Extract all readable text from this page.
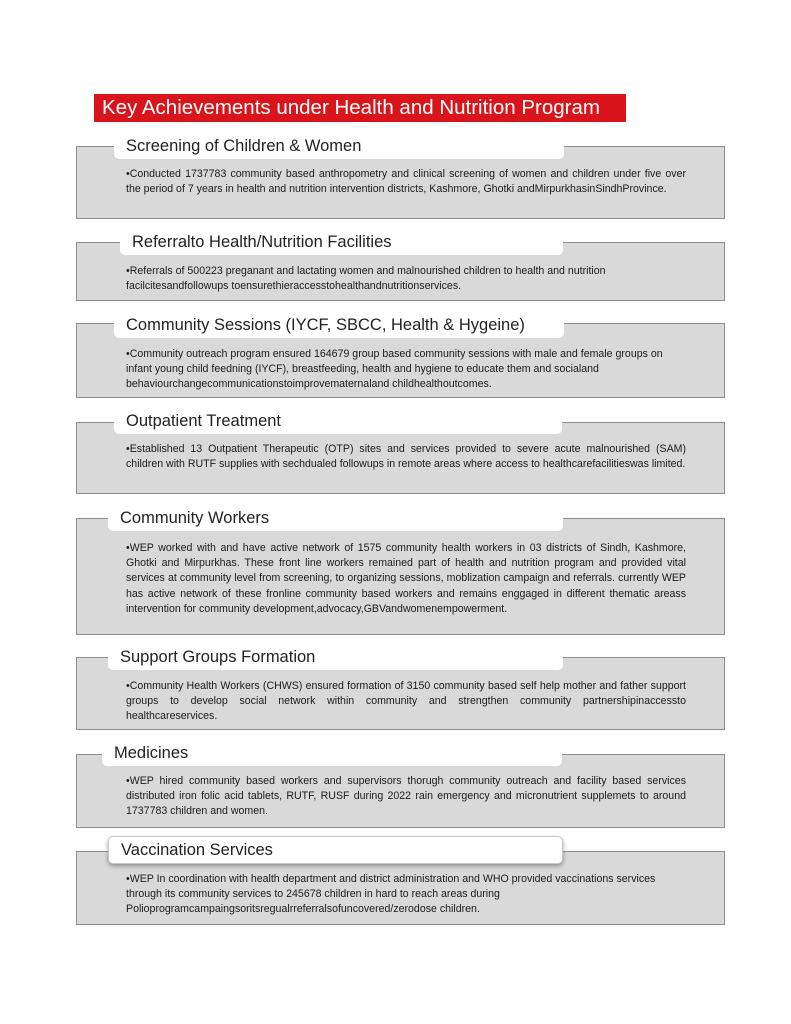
Key Achievements under Health and Nutrition Program
Screening of Children & Women
•Conducted 1737783 community based anthropometry and clinical screening of women and children under five over the period of 7 years in health and nutrition intervention districts, Kashmore, Ghotki andMirpurkhasinSindhProvince.
Referralto Health/Nutrition Facilities
•Referrals of 500223 preganant and lactating women and malnourished children to health and nutrition facilcitesandfollowups toensurethieraccesstohealthandnutritionservices.
Community Sessions (IYCF, SBCC, Health & Hygeine)
•Community outreach program ensured 164679 group based community sessions with male and female groups on infant young child feedning (IYCF), breastfeeding, health and hygiene to educate them and socialand behaviourchangecommunicationstoimprovematernaland childhealthoutcomes.
Outpatient Treatment
•Established 13 Outpatient Therapeutic (OTP) sites and services provided to severe acute malnourished (SAM) children with RUTF supplies with sechdualed followups in remote areas where access to healthcarefacilitieswas limited.
Community Workers
•WEP worked with and have active network of 1575 community health workers in 03 districts of Sindh, Kashmore, Ghotki and Mirpurkhas. These front line workers remained part of health and nutrition program and provided vital services at community level from screening, to organizing sessions, moblization campaign and referrals. currently WEP has active network of these fronline community based workers and remains enggaged in different thematic areass intervention for community development,advocacy,GBVandwomenempowerment.
Support Groups Formation
•Community Health Workers (CHWS) ensured formation of 3150 community based self help mother and father support groups to develop social network within community and strengthen community partnershipinaccessto healthcareservices.
Medicines
•WEP hired community based workers and supervisors thorugh community outreach and facility based services distributed iron folic acid tablets, RUTF, RUSF during 2022 rain emergency and micronutrient supplemets to around 1737783 children and women.
Vaccination Services
•WEP In coordination with health department and district administration and WHO provided vaccinations services through its community services to 245678 children in hard to reach areas during Polioprogramcampaingsoritsregualrreferralsofuncovered/zerodose children.
